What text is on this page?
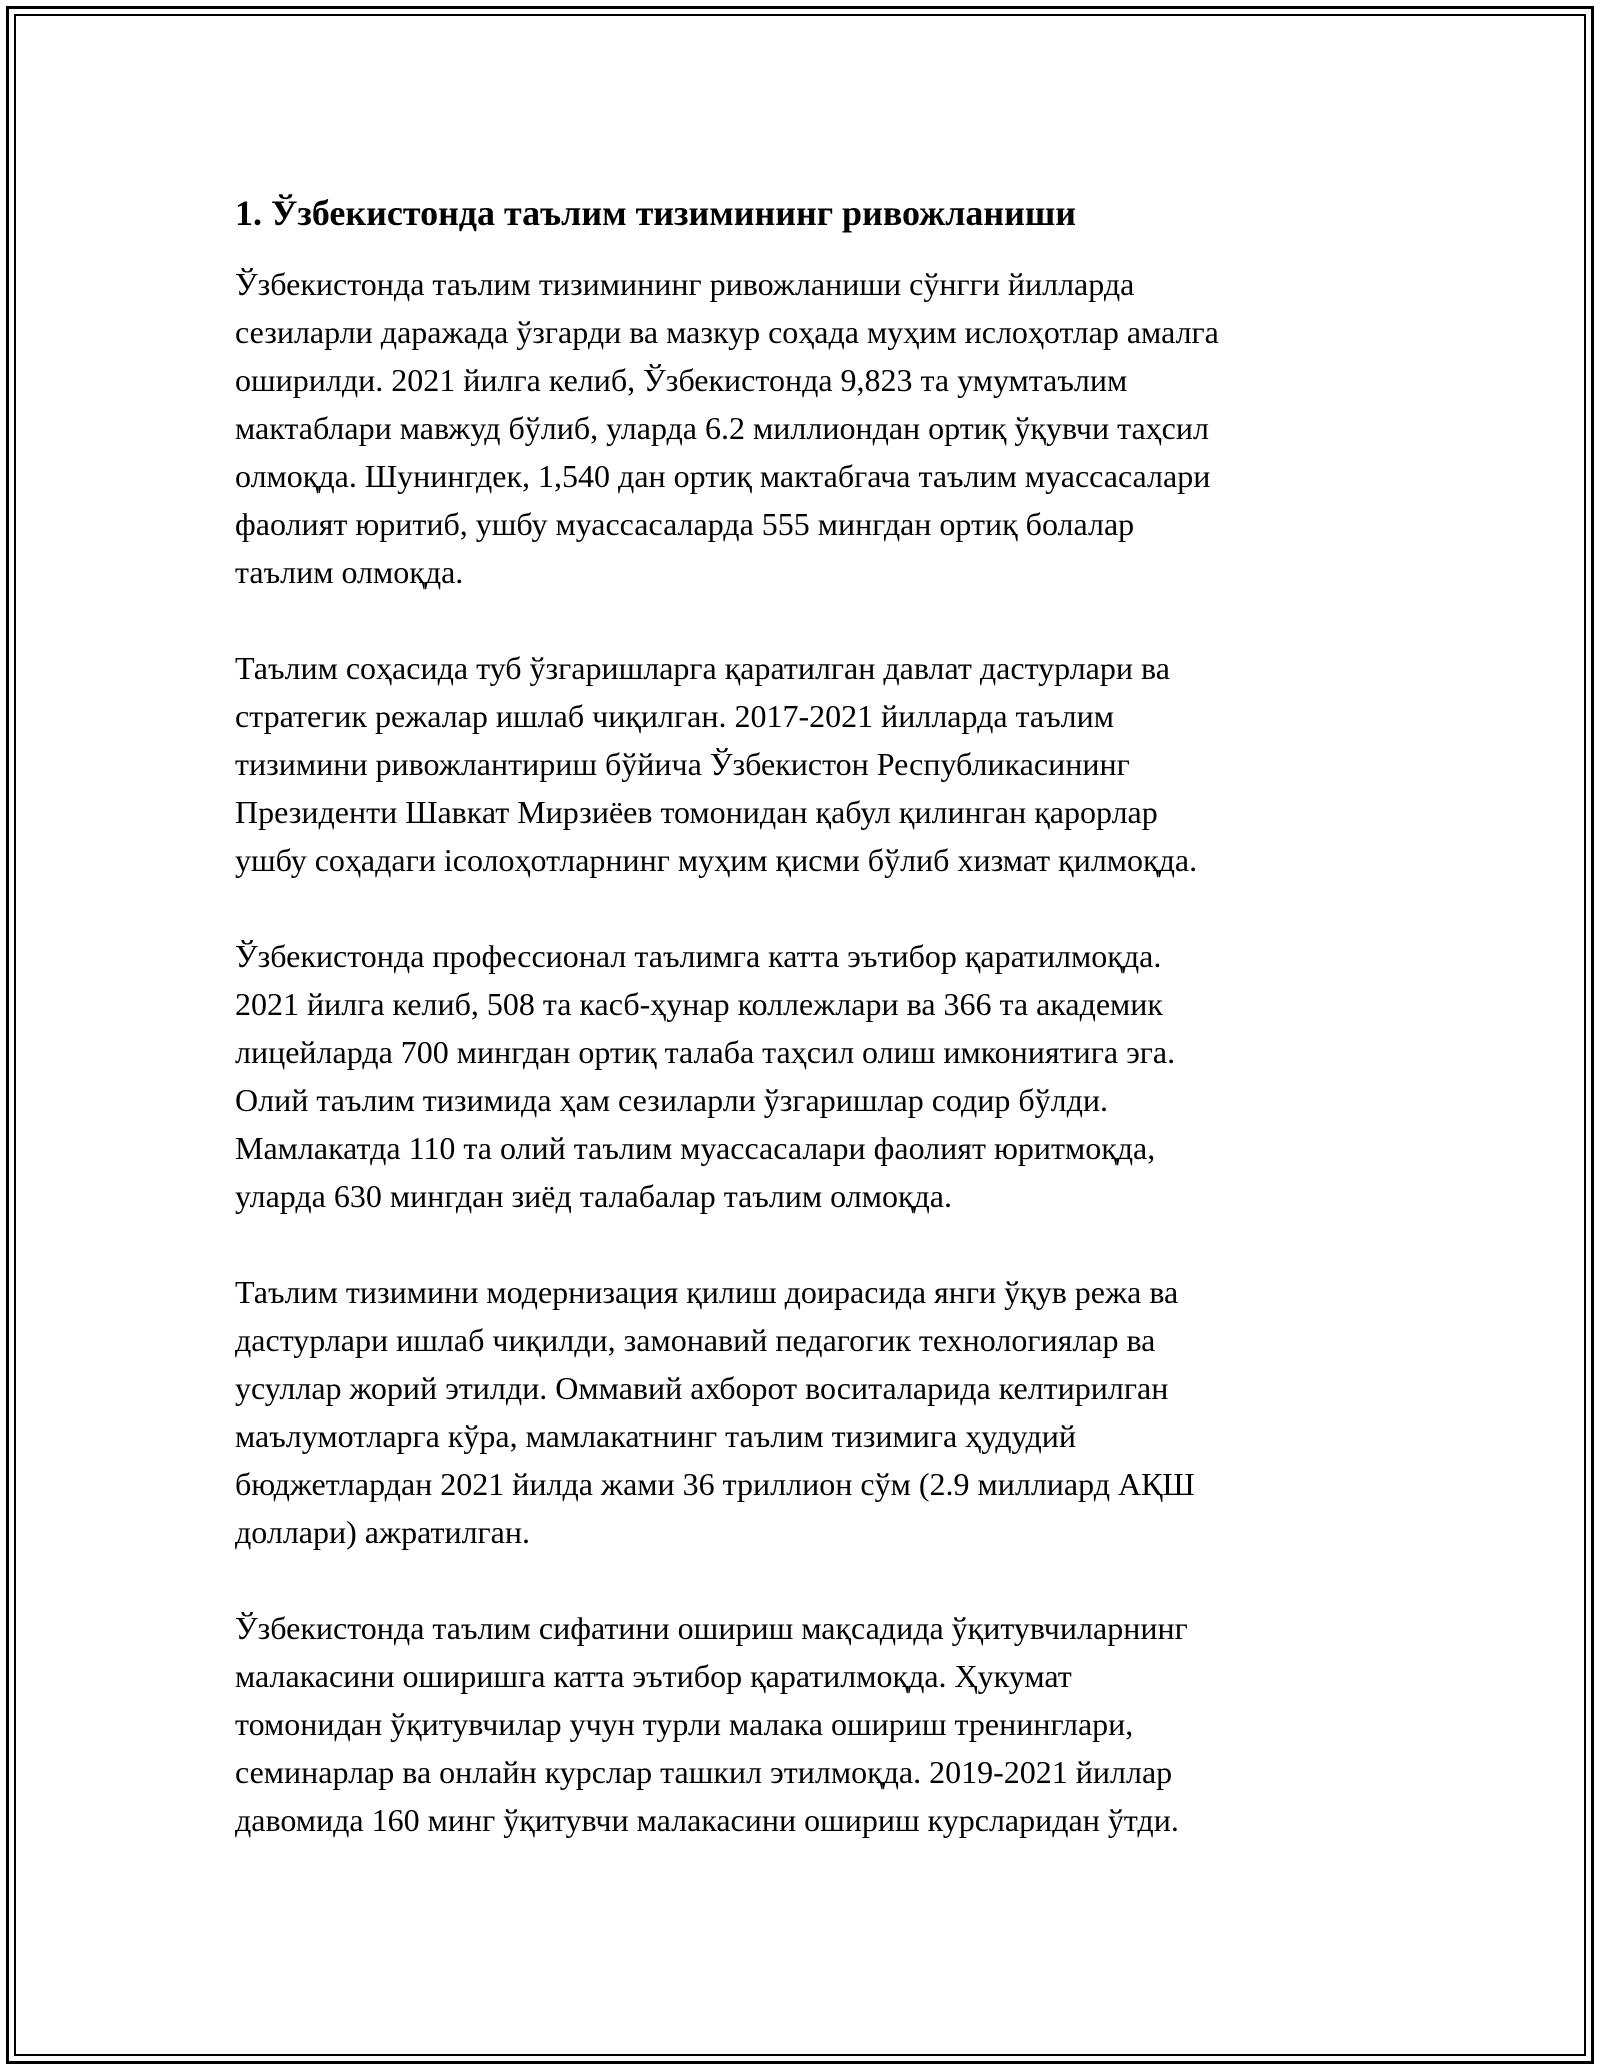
1. Ўзбекистонда таълим тизимининг ривожланиши

Ўзбекистонда таълим тизимининг ривожланиши сўнгги йилларда
сезиларли даражада ўзгарди ва мазкур соҳада муҳим ислоҳотлар амалга
оширилди. 2021 йилга келиб, Ўзбекистонда 9,823 та умумтаълим
мактаблари мавжуд бўлиб, уларда 6.2 миллиондан ортиқ ўқувчи таҳсил
олмоқда. Шунингдек, 1,540 дан ортиқ мактабгача таълим муассасалари
фаолият юритиб, ушбу муассасаларда 555 мингдан ортиқ болалар
таълим олмоқда.

Таълим соҳасида туб ўзгаришларга қаратилган давлат дастурлари ва
стратегик режалар ишлаб чиқилган. 2017-2021 йилларда таълим
тизимини ривожлантириш бўйича Ўзбекистон Республикасининг
Президенти Шавкат Мирзиёев томонидан қабул қилинган қарорлар
ушбу соҳадаги ісолоҳотларнинг муҳим қисми бўлиб хизмат қилмоқда.

Ўзбекистонда профессионал таълимга катта эътибор қаратилмоқда.
2021 йилга келиб, 508 та касб-ҳунар коллежлари ва 366 та академик
лицейларда 700 мингдан ортиқ талаба таҳсил олиш имкониятига эга.
Олий таълим тизимида ҳам сезиларли ўзгаришлар содир бўлди.
Мамлакатда 110 та олий таълим муассасалари фаолият юритмоқда,
уларда 630 мингдан зиёд талабалар таълим олмоқда.

Таълим тизимини модернизация қилиш доирасида янги ўқув режа ва
дастурлари ишлаб чиқилди, замонавий педагогик технологиялар ва
усуллар жорий этилди. Оммавий ахборот воситаларида келтирилган
маълумотларга кўра, мамлакатнинг таълим тизимига ҳудудий
бюджетлардан 2021 йилда жами 36 триллион сўм (2.9 миллиард АҚШ
доллари) ажратилган.

Ўзбекистонда таълим сифатини ошириш мақсадида ўқитувчиларнинг
малакасини оширишга катта эътибор қаратилмоқда. Ҳукумат
томонидан ўқитувчилар учун турли малака ошириш тренинглари,
семинарлар ва онлайн курслар ташкил этилмоқда. 2019-2021 йиллар
давомида 160 минг ўқитувчи малакасини ошириш курсларидан ўтди.
